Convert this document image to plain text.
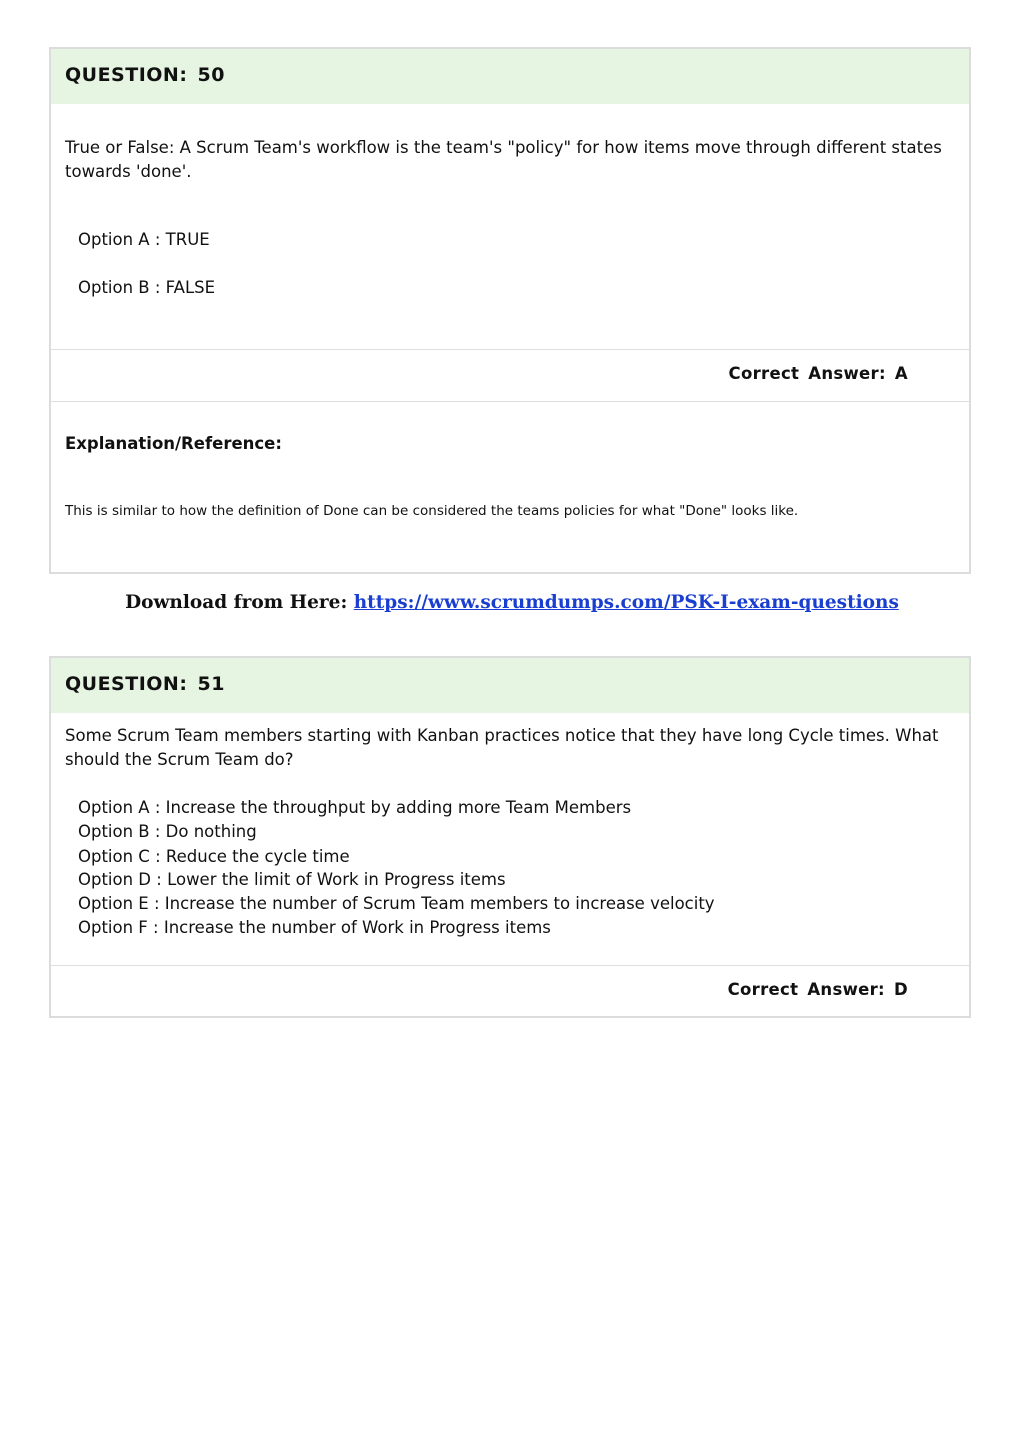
QUESTION: 50
True or False: A Scrum Team's workflow is the team's "policy" for how items move through different states towards 'done'.
Option A : TRUE
Option B : FALSE
Correct Answer: A
Explanation/Reference:
This is similar to how the definition of Done can be considered the teams policies for what "Done" looks like.
Download from Here: https://www.scrumdumps.com/PSK-I-exam-questions
QUESTION: 51
Some Scrum Team members starting with Kanban practices notice that they have long Cycle times. What should the Scrum Team do?
Option A : Increase the throughput by adding more Team Members
Option B : Do nothing
Option C : Reduce the cycle time
Option D : Lower the limit of Work in Progress items
Option E : Increase the number of Scrum Team members to increase velocity
Option F : Increase the number of Work in Progress items
Correct Answer: D
